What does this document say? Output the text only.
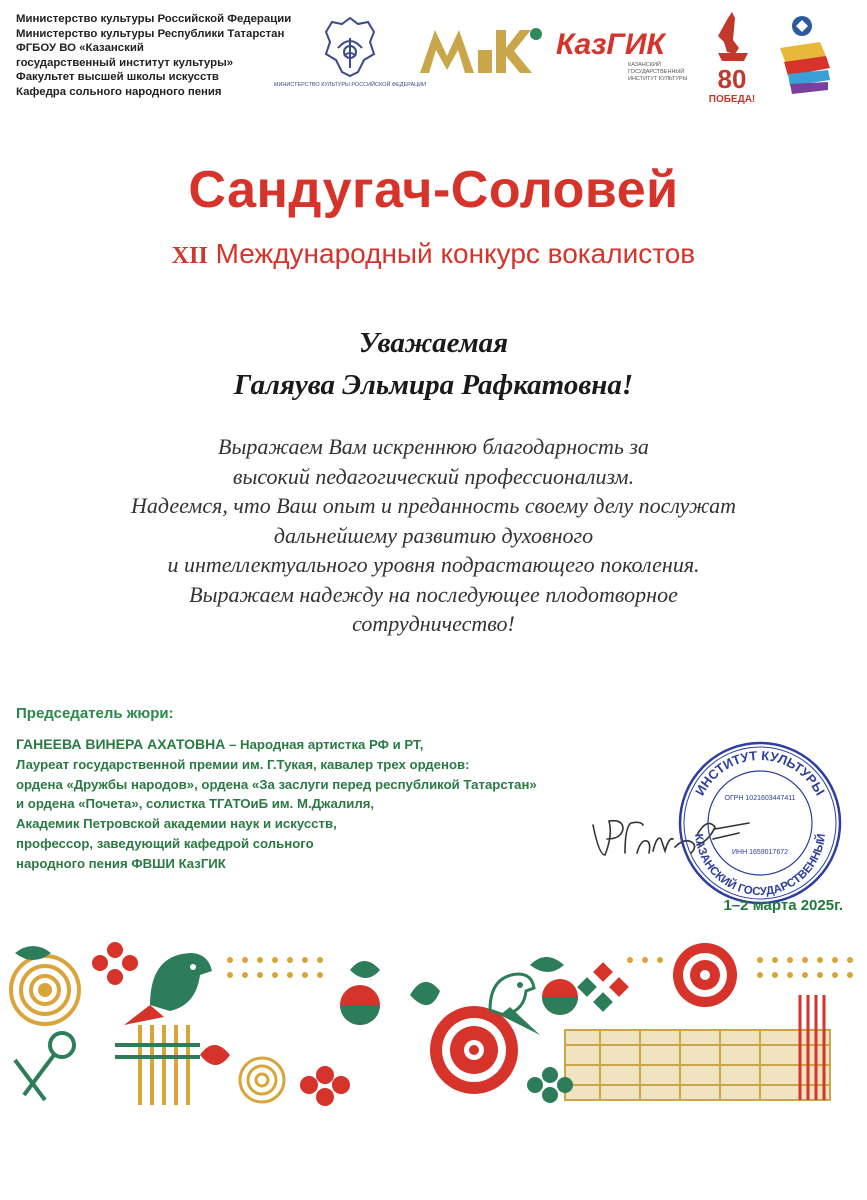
Министерство культуры Российской Федерации
Министерство культуры Республики Татарстан
ФГБОУ ВО «Казанский
государственный институт культуры»
Факультет высшей школы искусств
Кафедра сольного народного пения
МИНИСТЕРСТВО КУЛЬТУРЫ РОССИЙСКОЙ ФЕДЕРАЦИИ
МК
КазГИК
КАЗАНСКИЙ
ГОСУДАРСТВЕННЫЙ
ИНСТИТУТ КУЛЬТУРЫ 80
ПОБЕДА!
Сандугач-Соловей
XII Международный конкурс вокалистов
Уважаемая
Галяува Эльмира Рафкатовна!
Выражаем Вам искреннюю благодарность за
высокий педагогический профессионализм.
Надеемся, что Ваш опыт и преданность своему делу послужат
дальнейшему развитию духовного
и интеллектуального уровня подрастающего поколения.
Выражаем надежду на последующее плодотворное
сотрудничество!
Председатель жюри:
ГАНЕЕВА ВИНЕРА АХАТОВНА – Народная артистка РФ и РТ,
Лауреат государственной премии им. Г.Тукая, кавалер трех орденов:
ордена «Дружбы народов», ордена «За заслуги перед республикой Татарстан»
и ордена «Почета», солистка ТГАТОиБ им. М.Джалиля,
Академик Петровской академии наук и искусств,
профессор, заведующий кафедрой сольного
народного пения ФВШИ КазГИК
ИНСТИТУТ КУЛЬТУРЫ
КАЗАНСКИЙ ГОСУДАРСТВЕННЫЙ
ОГРН 1021603447411
ИНН 1659017672
1–2 марта 2025г.
